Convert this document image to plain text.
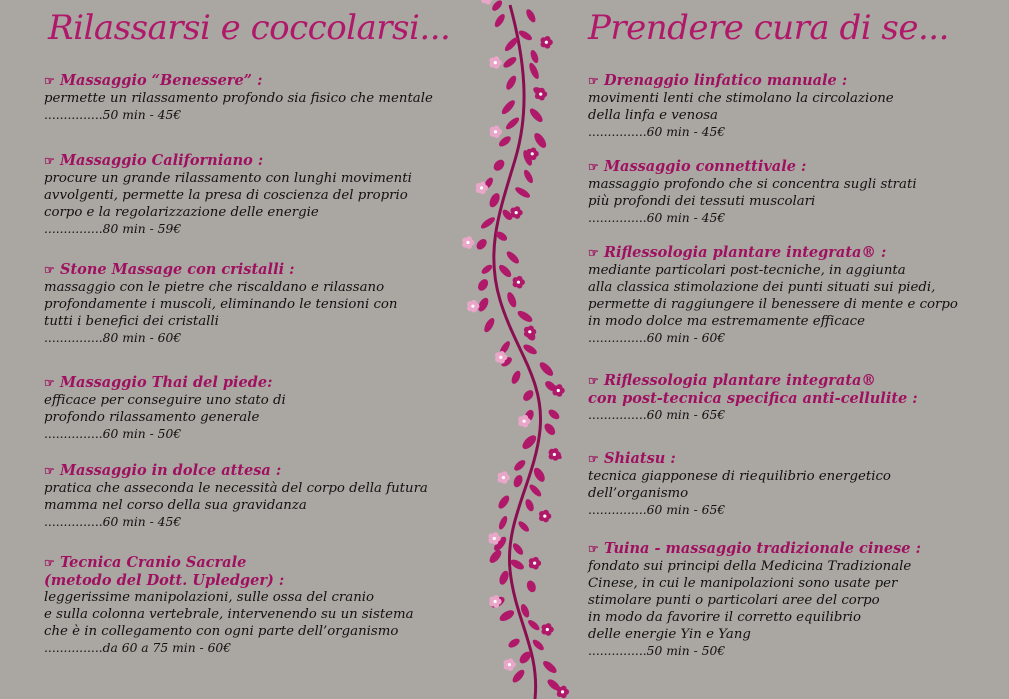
Rilassarsi e coccolarsi...
☞ Massaggio “Benessere” :
permette un rilassamento profondo sia fisico che mentale
...............50 min - 45€
☞ Massaggio Californiano :
procure un grande rilassamento con lunghi movimenti
avvolgenti, permette la presa di coscienza del proprio
corpo e la regolarizzazione delle energie
...............80 min - 59€
☞ Stone Massage con cristalli :
massaggio con le pietre che riscaldano e rilassano
profondamente i muscoli, eliminando le tensioni con
tutti i benefici dei cristalli
...............80 min - 60€
☞ Massaggio Thai del piede:
efficace per conseguire uno stato di
profondo rilassamento generale
...............60 min - 50€
☞ Massaggio in dolce attesa :
pratica che asseconda le necessità del corpo della futura
mamma nel corso della sua gravidanza
...............60 min - 45€
☞ Tecnica Cranio Sacrale
(metodo del Dott. Upledger) :
leggerissime manipolazioni, sulle ossa del cranio
e sulla colonna vertebrale, intervenendo su un sistema
che è in collegamento con ogni parte dell’organismo
...............da 60 a 75 min - 60€
Prendere cura di se...
☞ Drenaggio linfatico manuale :
movimenti lenti che stimolano la circolazione
della linfa e venosa
...............60 min - 45€
☞ Massaggio connettivale :
massaggio profondo che si concentra sugli strati
più profondi dei tessuti muscolari
...............60 min - 45€
☞ Riflessologia plantare integrata® :
mediante particolari post-tecniche, in aggiunta
alla classica stimolazione dei punti situati sui piedi,
permette di raggiungere il benessere di mente e corpo
in modo dolce ma estremamente efficace
...............60 min - 60€
☞ Riflessologia plantare integrata®
con post-tecnica specifica anti-cellulite :
...............60 min - 65€
☞ Shiatsu :
tecnica giapponese di riequilibrio energetico
dell’organismo
...............60 min - 65€
☞ Tuina - massaggio tradizionale cinese :
fondato sui principi della Medicina Tradizionale
Cinese, in cui le manipolazioni sono usate per
stimolare punti o particolari aree del corpo
in modo da favorire il corretto equilibrio
delle energie Yin e Yang
...............50 min - 50€
